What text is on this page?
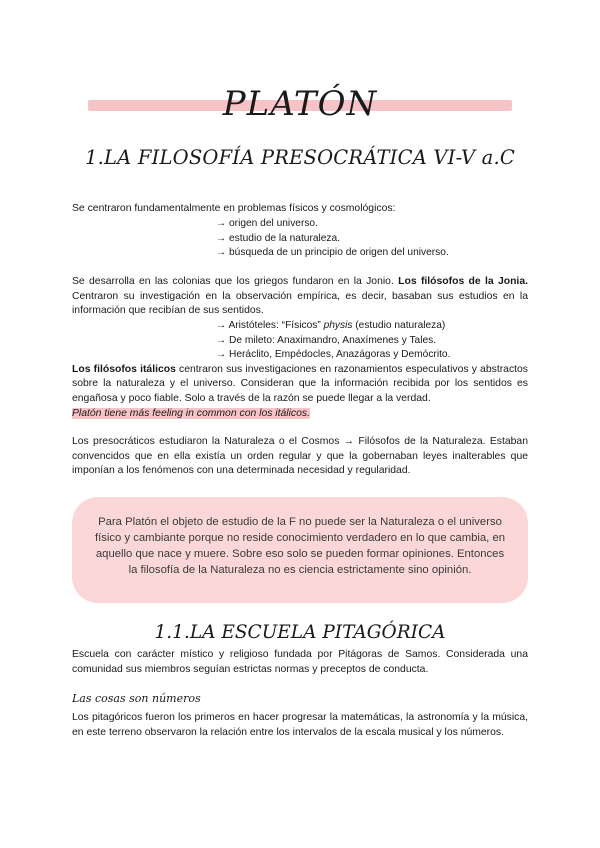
PLATÓN
1.LA FILOSOFÍA PRESOCRÁTICA VI-V a.C
Se centraron fundamentalmente en problemas físicos y cosmológicos:
→ origen del universo.
→ estudio de la naturaleza.
→ búsqueda de un principio de origen del universo.
Se desarrolla en las colonias que los griegos fundaron en la Jonio. Los filósofos de la Jonia. Centraron su investigación en la observación empírica, es decir, basaban sus estudios en la información que recibían de sus sentidos.
→ Aristóteles: “Físicos” physis (estudio naturaleza)
→ De mileto: Anaximandro, Anaxímenes y Tales.
→ Heráclito, Empédocles, Anazágoras y Demócrito.
Los filósofos itálicos centraron sus investigaciones en razonamientos especulativos y abstractos sobre la naturaleza y el universo. Consideran que la información recibida por los sentidos es engañosa y poco fiable. Solo a través de la razón se puede llegar a la verdad.
Platón tiene más feeling in common con los itálicos.
Los presocráticos estudiaron la Naturaleza o el Cosmos → Filósofos de la Naturaleza. Estaban convencidos que en ella existía un orden regular y que la gobernaban leyes inalterables que imponían a los fenómenos con una determinada necesidad y regularidad.
Para Platón el objeto de estudio de la F no puede ser la Naturaleza o el universo físico y cambiante porque no reside conocimiento verdadero en lo que cambia, en aquello que nace y muere. Sobre eso solo se pueden formar opiniones. Entonces la filosofía de la Naturaleza no es ciencia estrictamente sino opinión.
1.1.LA ESCUELA PITAGÓRICA
Escuela con carácter místico y religioso fundada por Pitágoras de Samos. Considerada una comunidad sus miembros seguían estrictas normas y preceptos de conducta.
Las cosas son números
Los pitagóricos fueron los primeros en hacer progresar la matemáticas, la astronomía y la música, en este terreno observaron la relación entre los intervalos de la escala musical y los números.
